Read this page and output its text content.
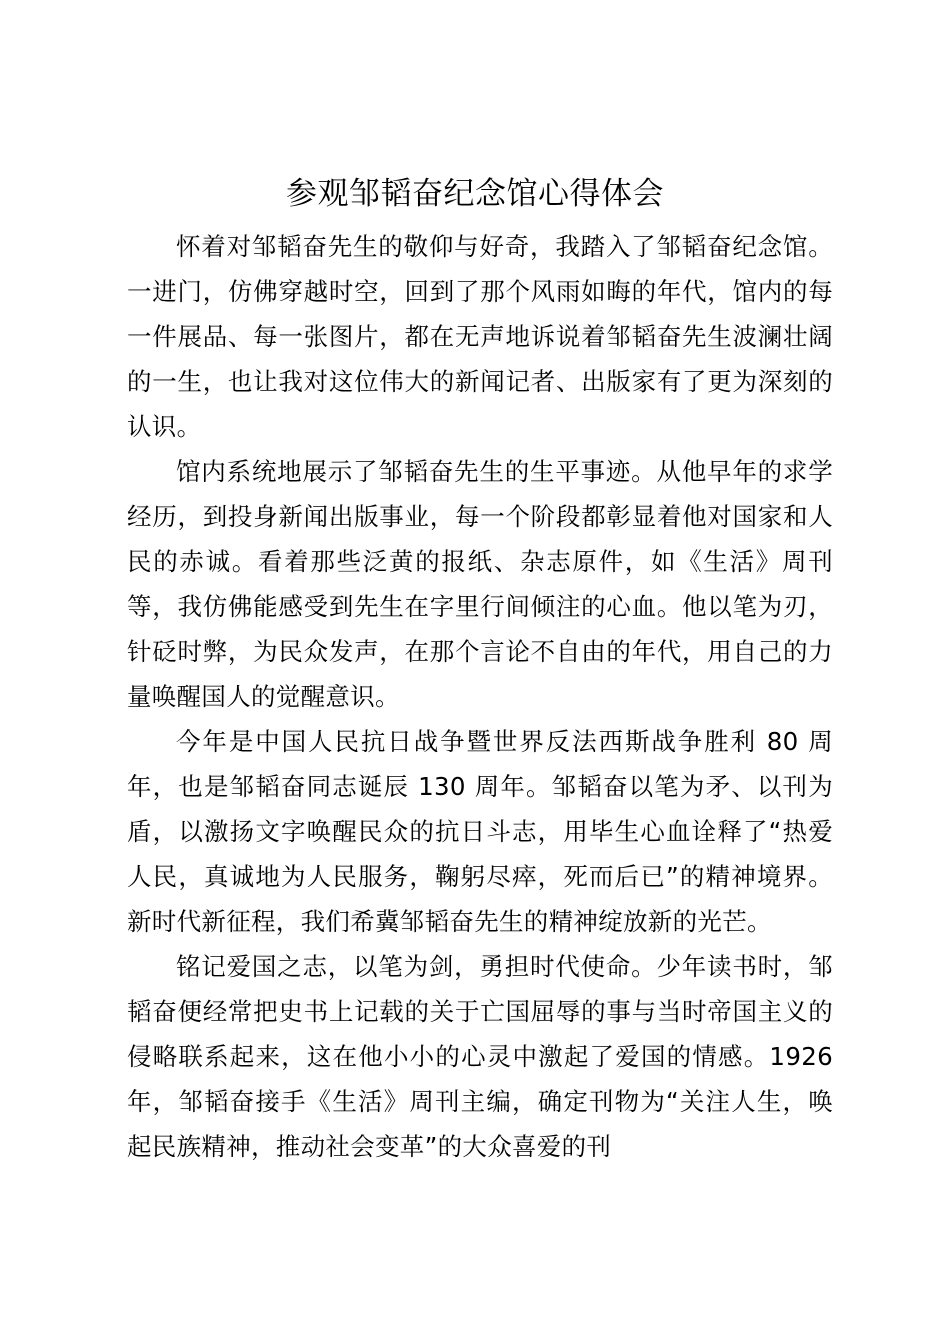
参观邹韬奋纪念馆心得体会

怀着对邹韬奋先生的敬仰与好奇，我踏入了邹韬奋纪念馆。一进门，仿佛穿越时空，回到了那个风雨如晦的年代，馆内的每一件展品、每一张图片，都在无声地诉说着邹韬奋先生波澜壮阔的一生，也让我对这位伟大的新闻记者、出版家有了更为深刻的认识。

馆内系统地展示了邹韬奋先生的生平事迹。从他早年的求学经历，到投身新闻出版事业，每一个阶段都彰显着他对国家和人民的赤诚。看着那些泛黄的报纸、杂志原件，如《生活》周刊等，我仿佛能感受到先生在字里行间倾注的心血。他以笔为刃，针砭时弊，为民众发声，在那个言论不自由的年代，用自己的力量唤醒国人的觉醒意识。

今年是中国人民抗日战争暨世界反法西斯战争胜利 80 周年，也是邹韬奋同志诞辰 130 周年。邹韬奋以笔为矛、以刊为盾，以激扬文字唤醒民众的抗日斗志，用毕生心血诠释了“热爱人民，真诚地为人民服务，鞠躬尽瘁，死而后已”的精神境界。新时代新征程，我们希冀邹韬奋先生的精神绽放新的光芒。

铭记爱国之志，以笔为剑，勇担时代使命。少年读书时，邹韬奋便经常把史书上记载的关于亡国屈辱的事与当时帝国主义的侵略联系起来，这在他小小的心灵中激起了爱国的情感。1926 年，邹韬奋接手《生活》周刊主编，确定刊物为“关注人生，唤起民族精神，推动社会变革”的大众喜爱的刊
